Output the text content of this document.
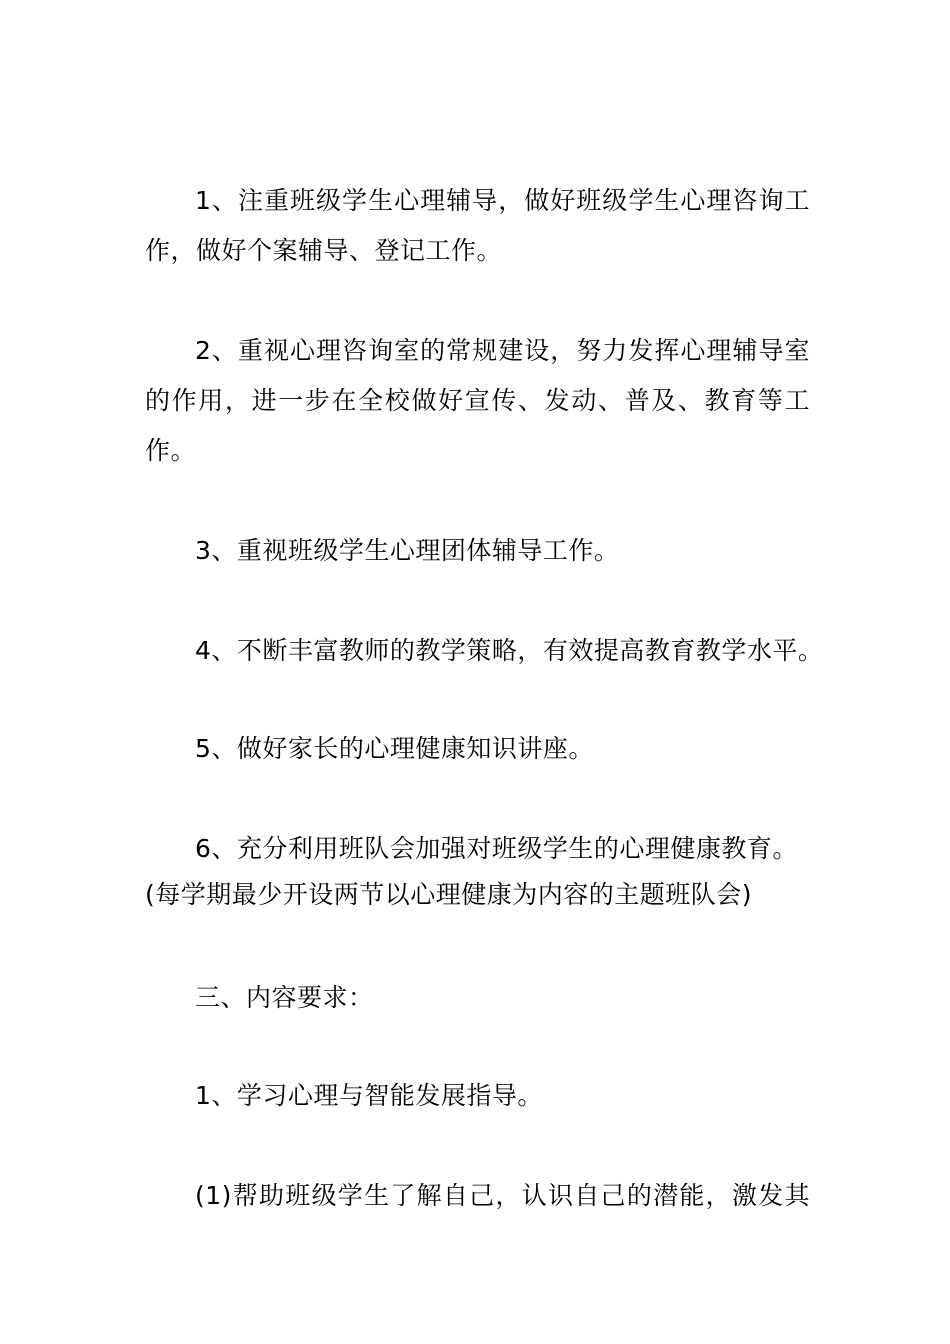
1、注重班级学生心理辅导，做好班级学生心理咨询工
作，做好个案辅导、登记工作。
2、重视心理咨询室的常规建设，努力发挥心理辅导室
的作用，进一步在全校做好宣传、发动、普及、教育等工
作。
3、重视班级学生心理团体辅导工作。
4、不断丰富教师的教学策略，有效提高教育教学水平。
5、做好家长的心理健康知识讲座。
6、充分利用班队会加强对班级学生的心理健康教育。
(每学期最少开设两节以心理健康为内容的主题班队会)
三、内容要求：
1、学习心理与智能发展指导。
(1)帮助班级学生了解自己，认识自己的潜能，激发其
